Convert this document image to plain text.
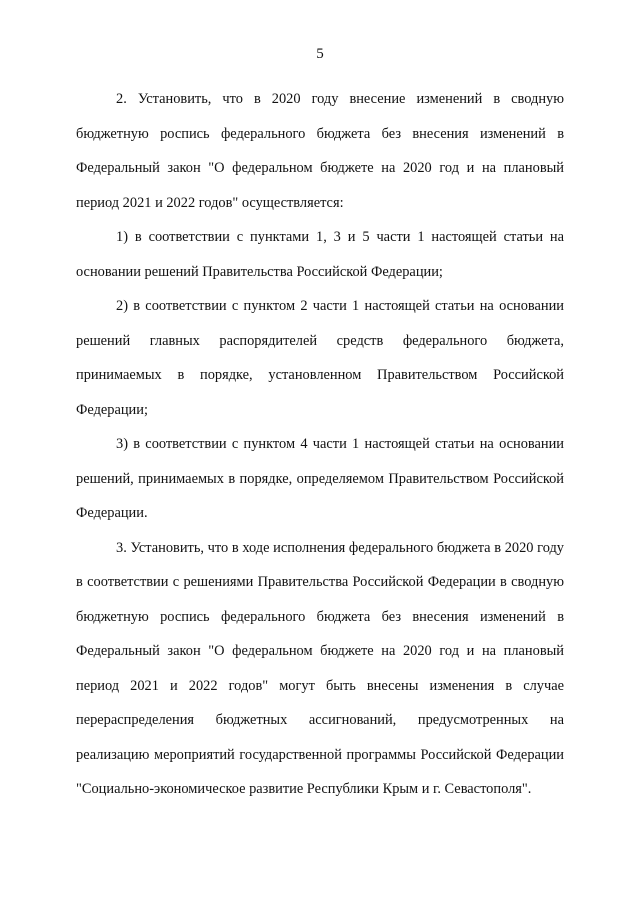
5

2. Установить, что в 2020 году внесение изменений в сводную бюджетную роспись федерального бюджета без внесения изменений в Федеральный закон "О федеральном бюджете на 2020 год и на плановый период 2021 и 2022 годов" осуществляется:

1) в соответствии с пунктами 1, 3 и 5 части 1 настоящей статьи на основании решений Правительства Российской Федерации;

2) в соответствии с пунктом 2 части 1 настоящей статьи на основании решений главных распорядителей средств федерального бюджета, принимаемых в порядке, установленном Правительством Российской Федерации;

3) в соответствии с пунктом 4 части 1 настоящей статьи на основании решений, принимаемых в порядке, определяемом Правительством Российской Федерации.

3. Установить, что в ходе исполнения федерального бюджета в 2020 году в соответствии с решениями Правительства Российской Федерации в сводную бюджетную роспись федерального бюджета без внесения изменений в Федеральный закон "О федеральном бюджете на 2020 год и на плановый период 2021 и 2022 годов" могут быть внесены изменения в случае перераспределения бюджетных ассигнований, предусмотренных на реализацию мероприятий государственной программы Российской Федерации "Социально-экономическое развитие Республики Крым и г. Севастополя".
